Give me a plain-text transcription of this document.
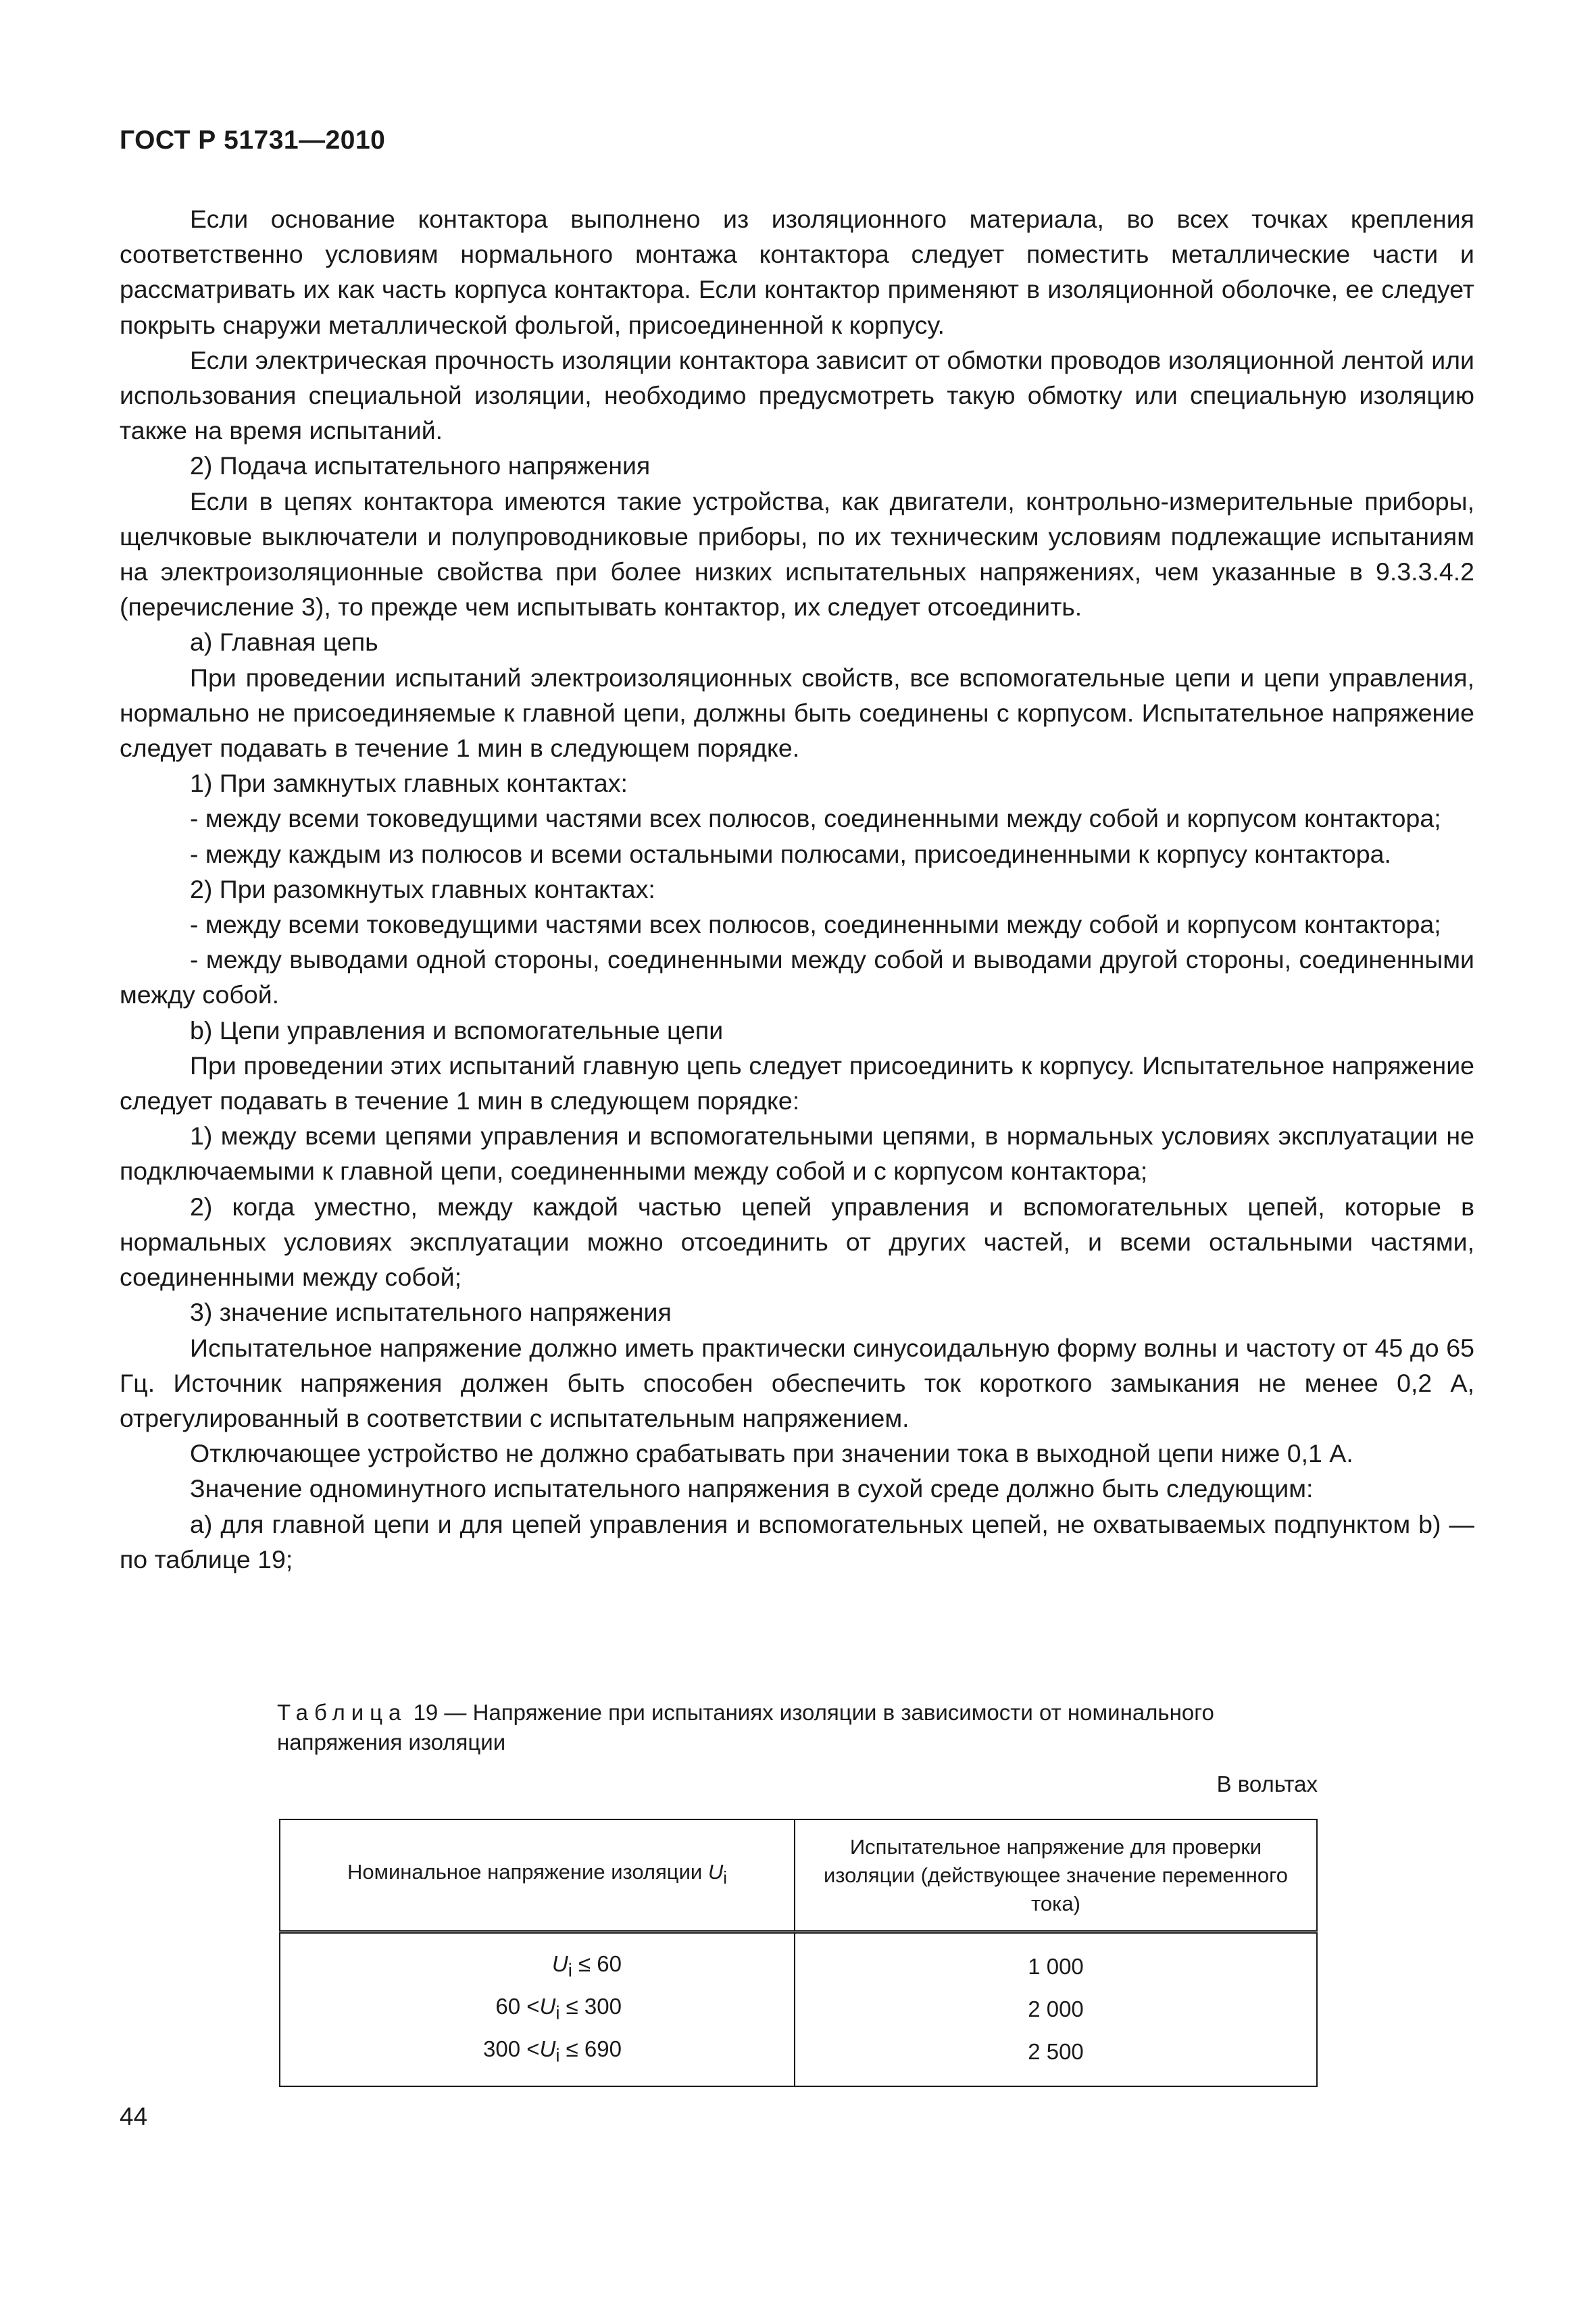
ГОСТ Р 51731—2010

Если основание контактора выполнено из изоляционного материала, во всех точках крепления соответственно условиям нормального монтажа контактора следует поместить металлические части и рассматривать их как часть корпуса контактора. Если контактор применяют в изоляционной оболочке, ее следует покрыть снаружи металлической фольгой, присоединенной к корпусу.

Если электрическая прочность изоляции контактора зависит от обмотки проводов изоляционной лентой или использования специальной изоляции, необходимо предусмотреть такую обмотку или специальную изоляцию также на время испытаний.

2) Подача испытательного напряжения

Если в цепях контактора имеются такие устройства, как двигатели, контрольно-измерительные приборы, щелчковые выключатели и полупроводниковые приборы, по их техническим условиям подлежащие испытаниям на электроизоляционные свойства при более низких испытательных напряжениях, чем указанные в 9.3.3.4.2 (перечисление 3), то прежде чем испытывать контактор, их следует отсоединить.

a) Главная цепь

При проведении испытаний электроизоляционных свойств, все вспомогательные цепи и цепи управления, нормально не присоединяемые к главной цепи, должны быть соединены с корпусом. Испытательное напряжение следует подавать в течение 1 мин в следующем порядке.

1) При замкнутых главных контактах:

- между всеми токоведущими частями всех полюсов, соединенными между собой и корпусом контактора;

- между каждым из полюсов и всеми остальными полюсами, присоединенными к корпусу контактора.

2) При разомкнутых главных контактах:

- между всеми токоведущими частями всех полюсов, соединенными между собой и корпусом контактора;

- между выводами одной стороны, соединенными между собой и выводами другой стороны, соединенными между собой.

b) Цепи управления и вспомогательные цепи

При проведении этих испытаний главную цепь следует присоединить к корпусу. Испытательное напряжение следует подавать в течение 1 мин в следующем порядке:

1) между всеми цепями управления и вспомогательными цепями, в нормальных условиях эксплуатации не подключаемыми к главной цепи, соединенными между собой и с корпусом контактора;

2) когда уместно, между каждой частью цепей управления и вспомогательных цепей, которые в нормальных условиях эксплуатации можно отсоединить от других частей, и всеми остальными частями, соединенными между собой;

3) значение испытательного напряжения

Испытательное напряжение должно иметь практически синусоидальную форму волны и частоту от 45 до 65 Гц. Источник напряжения должен быть способен обеспечить ток короткого замыкания не менее 0,2 А, отрегулированный в соответствии с испытательным напряжением.

Отключающее устройство не должно срабатывать при значении тока в выходной цепи ниже 0,1 А.

Значение одноминутного испытательного напряжения в сухой среде должно быть следующим:

а) для главной цепи и для цепей управления и вспомогательных цепей, не охватываемых подпунктом b) — по таблице 19;

Таблица 19 — Напряжение при испытаниях изоляции в зависимости от номинального напряжения изоляции
В вольтах
Номинальное напряжение изоляции $U_i$	Испытательное напряжение для проверки изоляции (действующее значение переменного тока)
$U_i \le 60$	1 000
$60 <U_i \le 300$	2 000
$300 <U_i \le 690$	2 500
44
